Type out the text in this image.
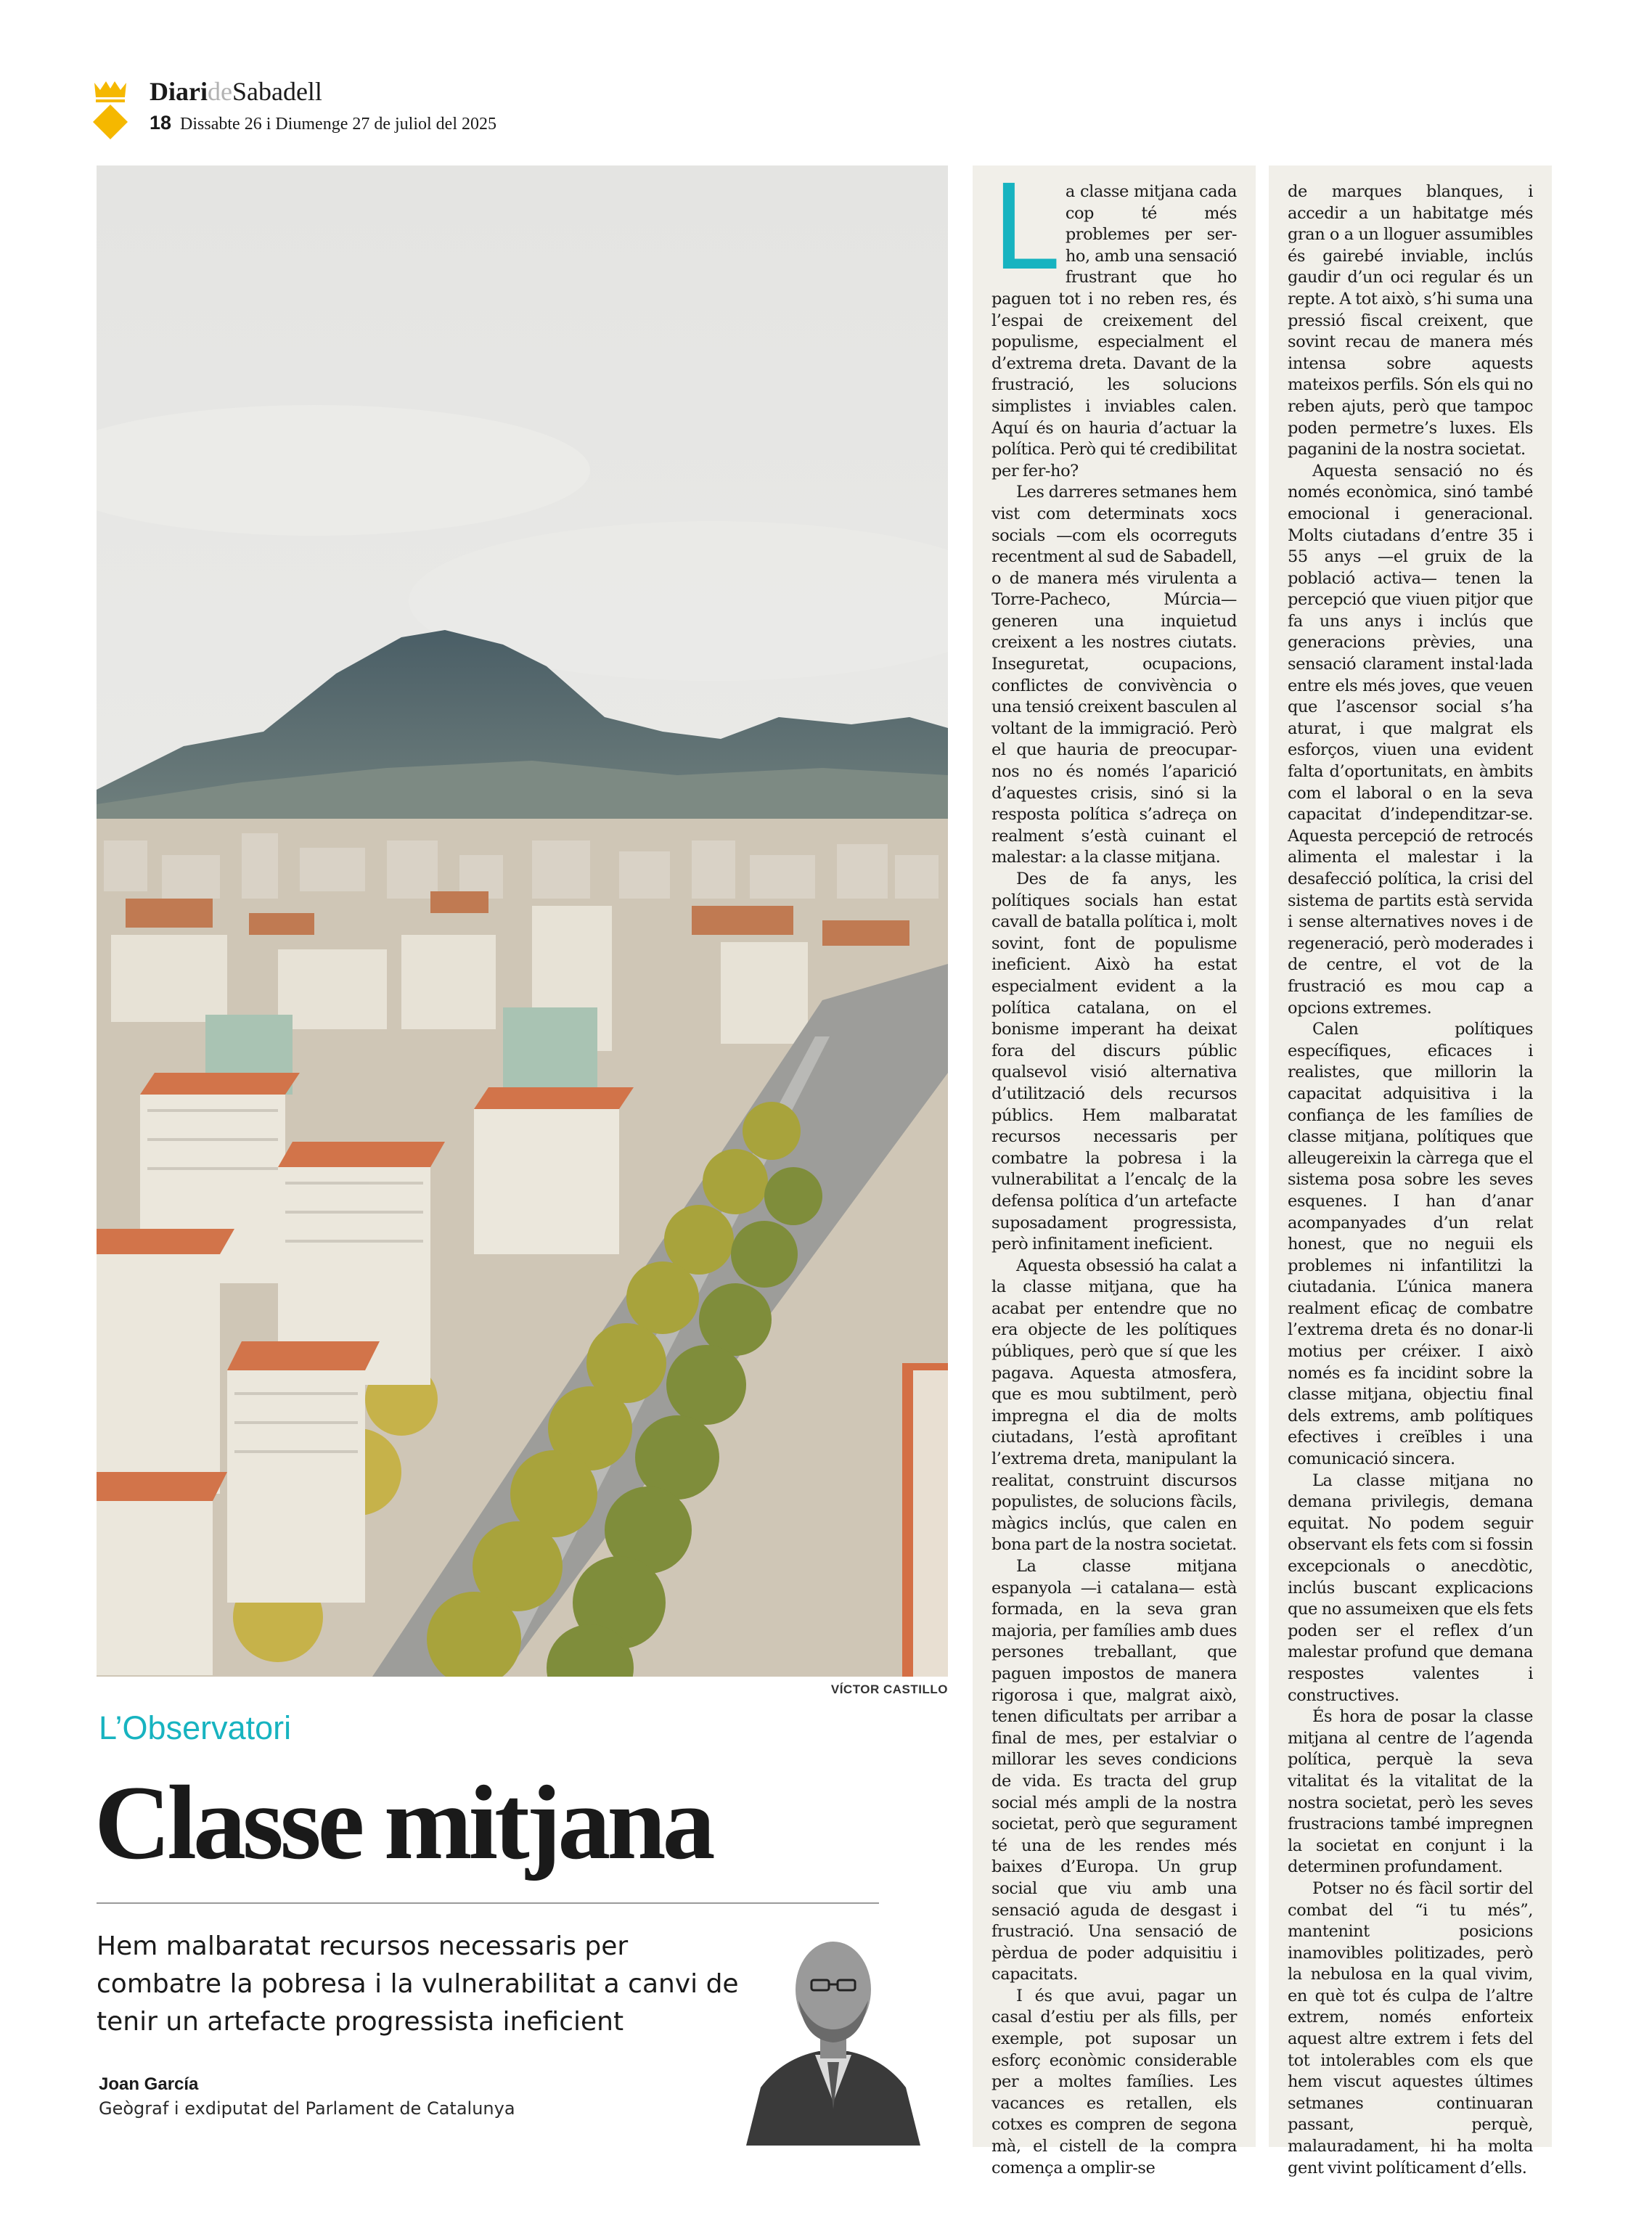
DiarideSabadell
18 Dissabte 26 i Diumenge 27 de juliol del 2025
VÍCTOR CASTILLO
L’Observatori
Classe mitjana
Hem malbaratat recursos necessaris per combatre la pobresa i la vulnerabilitat a canvi de tenir un artefacte progressista ineficient
Joan García
Geògraf i exdiputat del Parlament de Catalunya
L a classe mitjana cada cop té més problemes per ser-ho, amb una sensació frustrant que ho paguen tot i no reben res, és l’espai de creixement del populisme, especialment el d’extrema dreta. Davant de la frustració, les solucions simplistes i inviables calen. Aquí és on hauria d’actuar la política. Però qui té credibilitat per fer-ho?

Les darreres setmanes hem vist com determinats xocs socials —com els ocorreguts recentment al sud de Sabadell, o de manera més virulenta a Torre-Pacheco, Múrcia— generen una inquietud creixent a les nostres ciutats. Inseguretat, ocupacions, conflictes de convivència o una tensió creixent basculen al voltant de la immigració. Però el que hauria de preocupar-nos no és només l’aparició d’aquestes crisis, sinó si la resposta política s’adreça on realment s’està cuinant el malestar: a la classe mitjana.

Des de fa anys, les polítiques socials han estat cavall de batalla política i, molt sovint, font de populisme ineficient. Això ha estat especialment evident a la política catalana, on el bonisme imperant ha deixat fora del discurs públic qualsevol visió alternativa d’utilització dels recursos públics. Hem malbaratat recursos necessaris per combatre la pobresa i la vulnerabilitat a l’encalç de la defensa política d’un artefacte suposadament progressista, però infinitament ineficient.

Aquesta obsessió ha calat a la classe mitjana, que ha acabat per entendre que no era objecte de les polítiques públiques, però que sí que les pagava. Aquesta atmosfera, que es mou subtilment, però impregna el dia de molts ciutadans, l’està aprofitant l’extrema dreta, manipulant la realitat, construint discursos populistes, de solucions fàcils, màgics inclús, que calen en bona part de la nostra societat.

La classe mitjana espanyola —i catalana— està formada, en la seva gran majoria, per famílies amb dues persones treballant, que paguen impostos de manera rigorosa i que, malgrat això, tenen dificultats per arribar a final de mes, per estalviar o millorar les seves condicions de vida. Es tracta del grup social més ampli de la nostra societat, però que segurament té una de les rendes més baixes d’Europa. Un grup social que viu amb una sensació aguda de desgast i frustració. Una sensació de pèrdua de poder adquisitiu i capacitats.

I és que avui, pagar un casal d’estiu per als fills, per exemple, pot suposar un esforç econòmic considerable per a moltes famílies. Les vacances es retallen, els cotxes es compren de segona mà, el cistell de la compra comença a omplir-se

de marques blanques, i accedir a un habitatge més gran o a un lloguer assumibles és gairebé inviable, inclús gaudir d’un oci regular és un repte. A tot això, s’hi suma una pressió fiscal creixent, que sovint recau de manera més intensa sobre aquests mateixos perfils. Són els qui no reben ajuts, però que tampoc poden permetre’s luxes. Els paganini de la nostra societat.

Aquesta sensació no és només econòmica, sinó també emocional i generacional. Molts ciutadans d’entre 35 i 55 anys —el gruix de la població activa— tenen la percepció que viuen pitjor que fa uns anys i inclús que generacions prèvies, una sensació clarament instal·lada entre els més joves, que veuen que l’ascensor social s’ha aturat, i que malgrat els esforços, viuen una evident falta d’oportunitats, en àmbits com el laboral o en la seva capacitat d’independitzar-se. Aquesta percepció de retrocés alimenta el malestar i la desafecció política, la crisi del sistema de partits està servida i sense alternatives noves i de regeneració, però moderades i de centre, el vot de la frustració es mou cap a opcions extremes.

Calen polítiques específiques, eficaces i realistes, que millorin la capacitat adquisitiva i la confiança de les famílies de classe mitjana, polítiques que alleugereixin la càrrega que el sistema posa sobre les seves esquenes. I han d’anar acompanyades d’un relat honest, que no neguii els problemes ni infantilitzi la ciutadania. L’única manera realment eficaç de combatre l’extrema dreta és no donar-li motius per créixer. I això només es fa incidint sobre la classe mitjana, objectiu final dels extrems, amb polítiques efectives i creïbles i una comunicació sincera.

La classe mitjana no demana privilegis, demana equitat. No podem seguir observant els fets com si fossin excepcionals o anecdòtic, inclús buscant explicacions que no assumeixen que els fets poden ser el reflex d’un malestar profund que demana respostes valentes i constructives.

És hora de posar la classe mitjana al centre de l’agenda política, perquè la seva vitalitat és la vitalitat de la nostra societat, però les seves frustracions també impregnen la societat en conjunt i la determinen profundament.

Potser no és fàcil sortir del combat del “i tu més”, mantenint posicions inamovibles politizades, però la nebulosa en la qual vivim, en què tot és culpa de l’altre extrem, només enforteix aquest altre extrem i fets del tot intolerables com els que hem viscut aquestes últimes setmanes continuaran passant, perquè, malauradament, hi ha molta gent vivint políticament d’ells.
